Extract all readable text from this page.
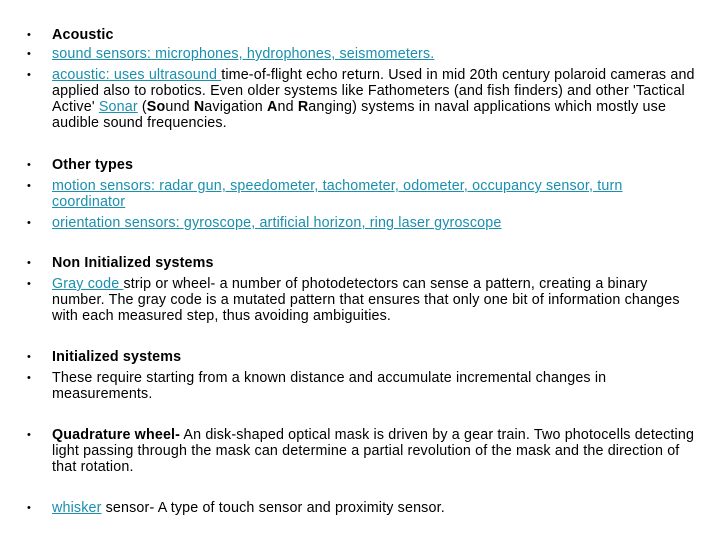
•	Acoustic
•	sound sensors: microphones, hydrophones, seismometers.
•	acoustic: uses ultrasound time-of-flight echo return. Used in mid 20th century polaroid cameras and applied also to robotics. Even older systems like Fathometers (and fish finders) and other 'Tactical Active' Sonar (Sound Navigation And Ranging) systems in naval applications which mostly use audible sound frequencies.
•	Other types
•	motion sensors: radar gun, speedometer, tachometer, odometer, occupancy sensor, turn coordinator
•	orientation sensors: gyroscope, artificial horizon, ring laser gyroscope
•	Non Initialized systems
•	Gray code strip or wheel- a number of photodetectors can sense a pattern, creating a binary number. The gray code is a mutated pattern that ensures that only one bit of information changes with each measured step, thus avoiding ambiguities.
•	Initialized systems
•	These require starting from a known distance and accumulate incremental changes in measurements.
•	Quadrature wheel- An disk-shaped optical mask is driven by a gear train. Two photocells detecting light passing through the mask can determine a partial revolution of the mask and the direction of that rotation.
•	whisker sensor- A type of touch sensor and proximity sensor.
